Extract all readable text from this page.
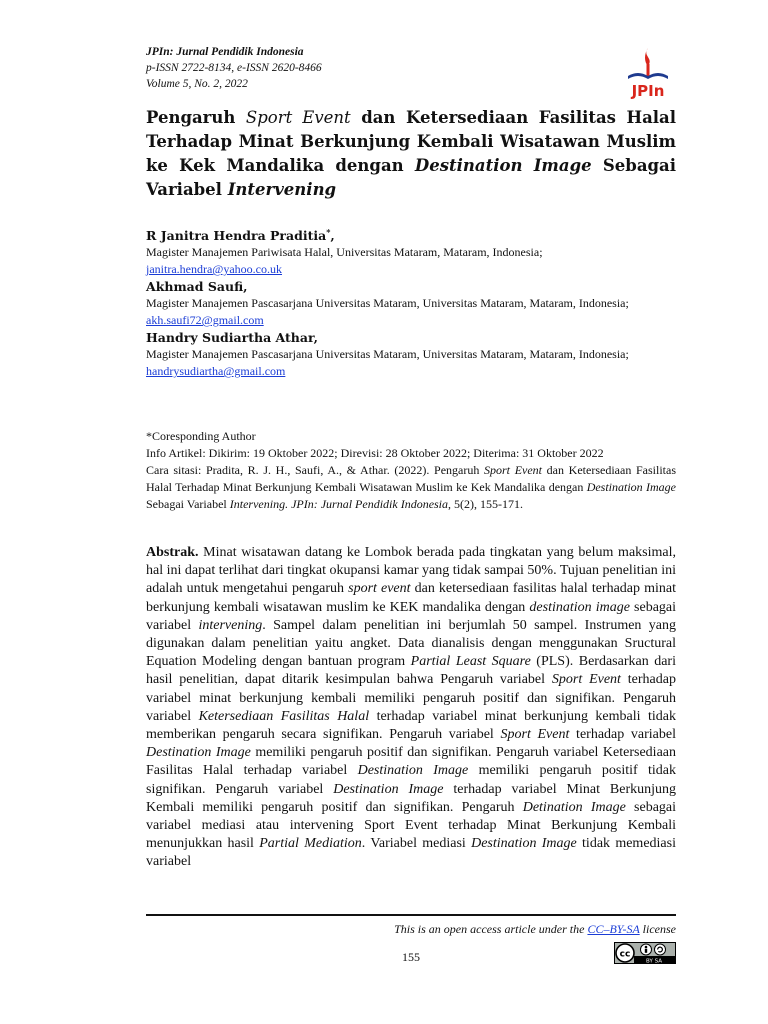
JPIn: Jurnal Pendidik Indonesia
p-ISSN 2722-8134, e-ISSN 2620-8466
Volume 5, No. 2, 2022	JPIn
Pengaruh Sport Event dan Ketersediaan Fasilitas Halal Terhadap Minat Berkunjung Kembali Wisatawan Muslim ke Kek Mandalika dengan Destination Image Sebagai Variabel Intervening
R Janitra Hendra Praditia*,
Magister Manajemen Pariwisata Halal, Universitas Mataram, Mataram, Indonesia;
janitra.hendra@yahoo.co.uk
Akhmad Saufi,
Magister Manajemen Pascasarjana Universitas Mataram, Universitas Mataram, Mataram, Indonesia;
akh.saufi72@gmail.com
Handry Sudiartha Athar,
Magister Manajemen Pascasarjana Universitas Mataram, Universitas Mataram, Mataram, Indonesia;
handrysudiartha@gmail.com
*Coresponding Author
Info Artikel: Dikirim: 19 Oktober 2022; Direvisi: 28 Oktober 2022; Diterima: 31 Oktober 2022
Cara sitasi: Pradita, R. J. H., Saufi, A., & Athar. (2022). Pengaruh Sport Event dan Ketersediaan Fasilitas Halal Terhadap Minat Berkunjung Kembali Wisatawan Muslim ke Kek Mandalika dengan Destination Image Sebagai Variabel Intervening. JPIn: Jurnal Pendidik Indonesia, 5(2), 155-171.
Abstrak. Minat wisatawan datang ke Lombok berada pada tingkatan yang belum maksimal, hal ini dapat terlihat dari tingkat okupansi kamar yang tidak sampai 50%. Tujuan penelitian ini adalah untuk mengetahui pengaruh sport event dan ketersediaan fasilitas halal terhadap minat berkunjung kembali wisatawan muslim ke KEK mandalika dengan destination image sebagai variabel intervening. Sampel dalam penelitian ini berjumlah 50 sampel. Instrumen yang digunakan dalam penelitian yaitu angket. Data dianalisis dengan menggunakan Sructural Equation Modeling dengan bantuan program Partial Least Square (PLS). Berdasarkan dari hasil penelitian, dapat ditarik kesimpulan bahwa Pengaruh variabel Sport Event terhadap variabel minat berkunjung kembali memiliki pengaruh positif dan signifikan. Pengaruh variabel Ketersediaan Fasilitas Halal terhadap variabel minat berkunjung kembali tidak memberikan pengaruh secara signifikan. Pengaruh variabel Sport Event terhadap variabel Destination Image memiliki pengaruh positif dan signifikan. Pengaruh variabel Ketersediaan Fasilitas Halal terhadap variabel Destination Image memiliki pengaruh positif tidak signifikan. Pengaruh variabel Destination Image terhadap variabel Minat Berkunjung Kembali memiliki pengaruh positif dan signifikan. Pengaruh Detination Image sebagai variabel mediasi atau intervening Sport Event terhadap Minat Berkunjung Kembali menunjukkan hasil Partial Mediation. Variabel mediasi Destination Image tidak memediasi variabel
This is an open access article under the CC–BY-SA license
155	cc
BY SA
